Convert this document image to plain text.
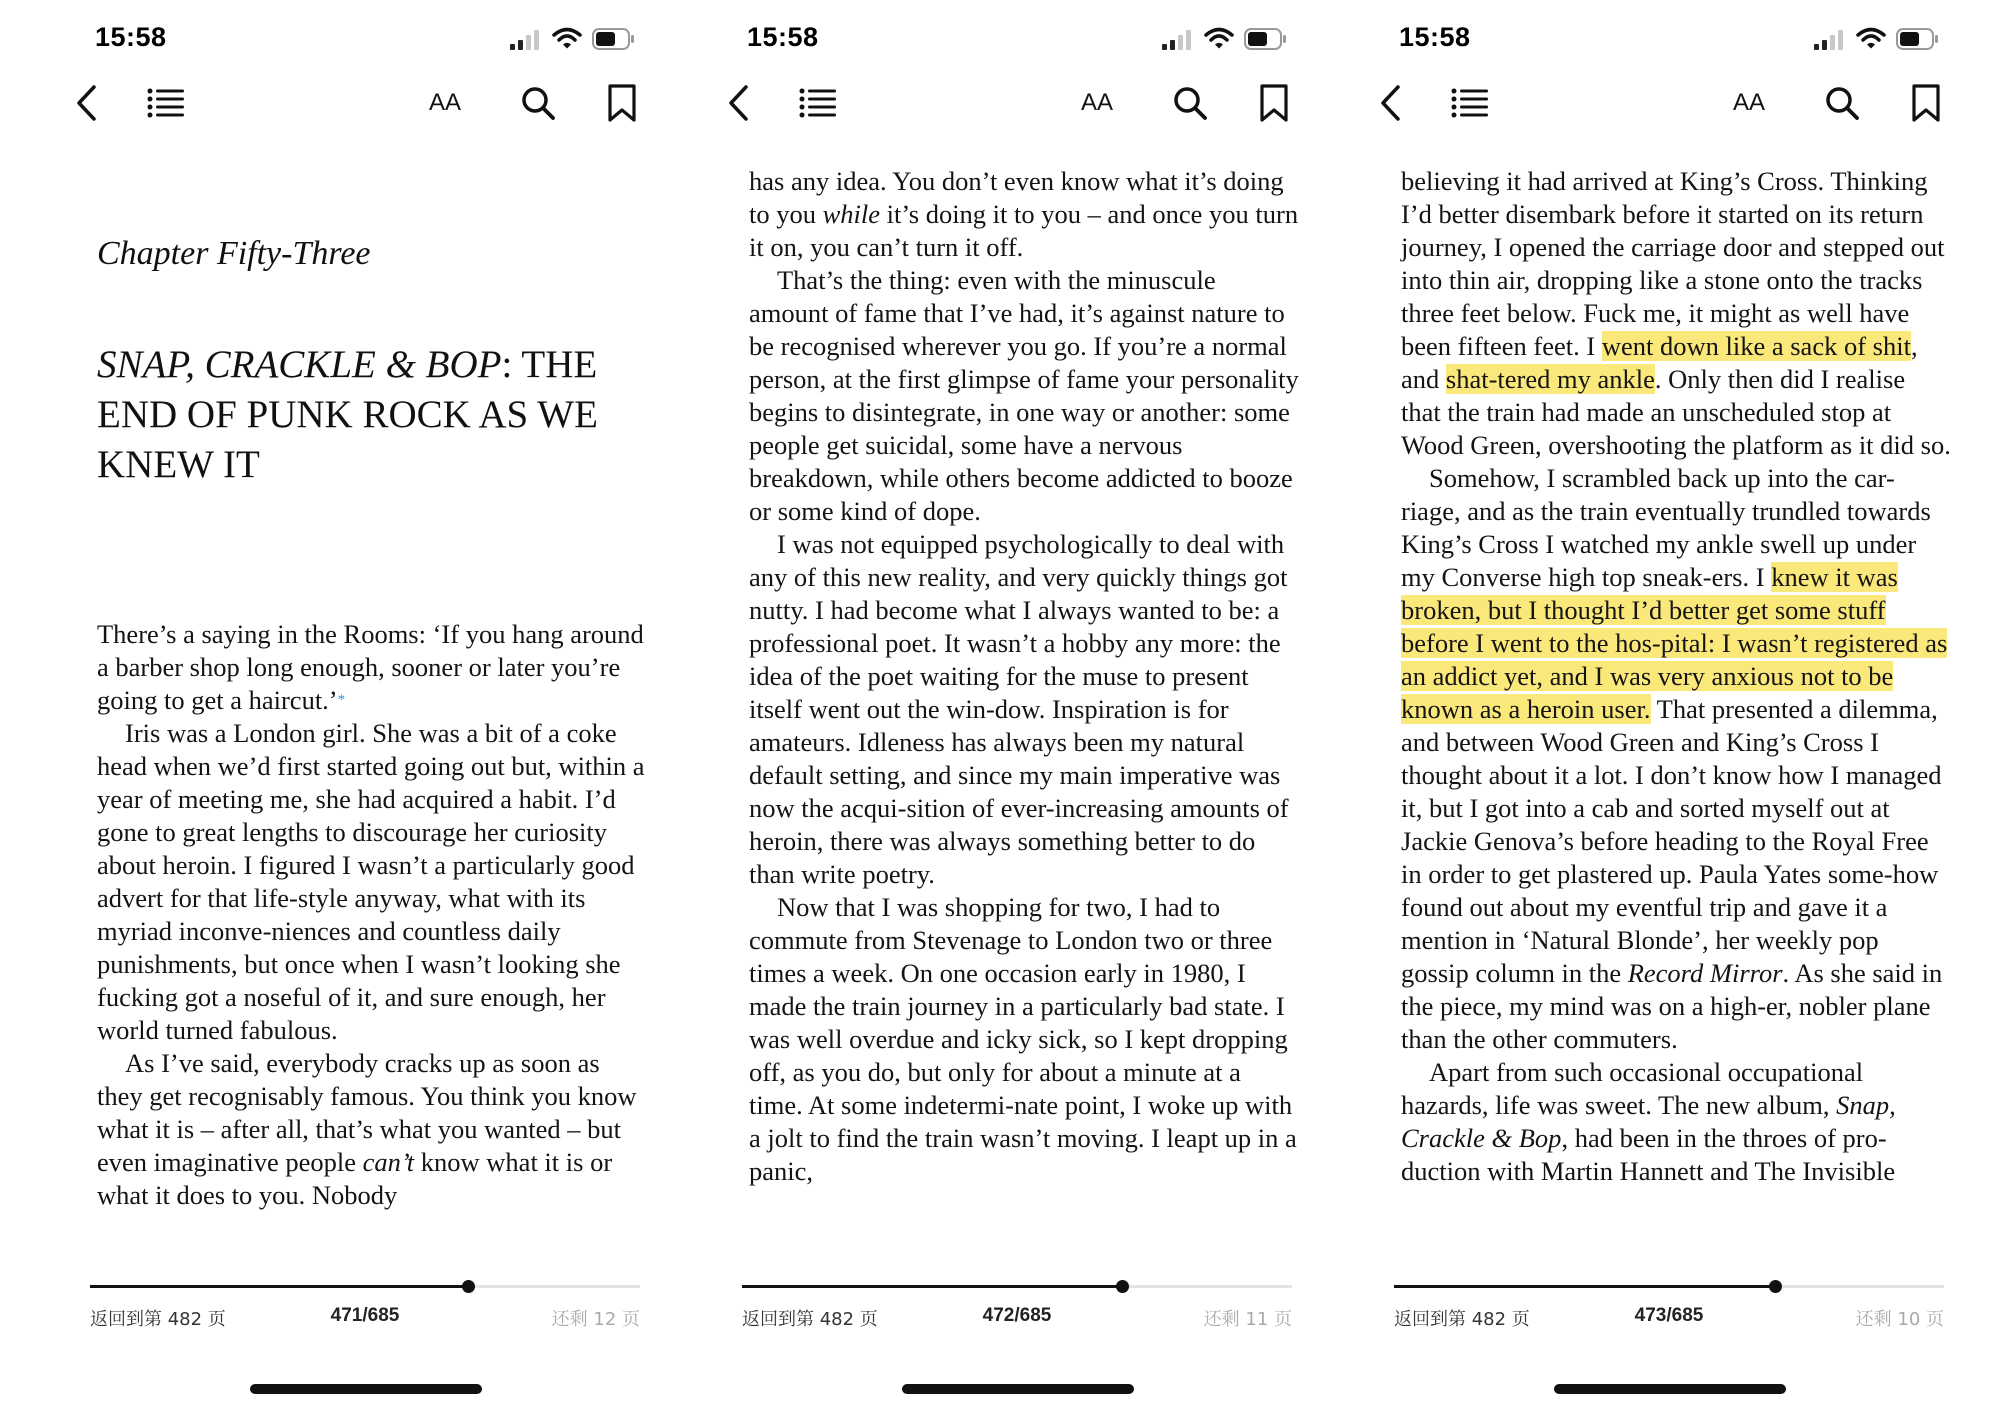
15:58
AA
Chapter Fifty-Three
SNAP, CRACKLE & BOP: THE END OF PUNK ROCK AS WE KNEW IT

There’s a saying in the Rooms: ‘If you hang around a barber shop long enough, sooner or later you’re going to get a haircut.’*

Iris was a London girl. She was a bit of a coke head when we’d first started going out but, within a year of meeting me, she had acquired a habit. I’d gone to great lengths to discourage her curiosity about heroin. I figured I wasn’t a particularly good advert for that life-style anyway, what with its myriad inconve-niences and countless daily punishments, but once when I wasn’t looking she fucking got a noseful of it, and sure enough, her world turned fabulous.

As I’ve said, everybody cracks up as soon as they get recognisably famous. You think you know what it is – after all, that’s what you wanted – but even imaginative people can’t know what it is or what it does to you. Nobody

返回到第 482 页	471/685	还剩 12 页
15:58
AA

has any idea. You don’t even know what it’s doing to you while it’s doing it to you – and once you turn it on, you can’t turn it off.

That’s the thing: even with the minuscule amount of fame that I’ve had, it’s against nature to be recognised wherever you go. If you’re a normal person, at the first glimpse of fame your personality begins to disintegrate, in one way or another: some people get suicidal, some have a nervous breakdown, while others become addicted to booze or some kind of dope.

I was not equipped psychologically to deal with any of this new reality, and very quickly things got nutty. I had become what I always wanted to be: a professional poet. It wasn’t a hobby any more: the idea of the poet waiting for the muse to present itself went out the win-dow. Inspiration is for amateurs. Idleness has always been my natural default setting, and since my main imperative was now the acqui-sition of ever-increasing amounts of heroin, there was always something better to do than write poetry.

Now that I was shopping for two, I had to commute from Stevenage to London two or three times a week. On one occasion early in 1980, I made the train journey in a particularly bad state. I was well overdue and icky sick, so I kept dropping off, as you do, but only for about a minute at a time. At some indetermi-nate point, I woke up with a jolt to find the train wasn’t moving. I leapt up in a panic,

返回到第 482 页	472/685	还剩 11 页
15:58
AA

believing it had arrived at King’s Cross. Thinking I’d better disembark before it started on its return journey, I opened the carriage door and stepped out into thin air, dropping like a stone onto the tracks three feet below. Fuck me, it might as well have been fifteen feet. I went down like a sack of shit, and shat-tered my ankle. Only then did I realise that the train had made an unscheduled stop at Wood Green, overshooting the platform as it did so.

Somehow, I scrambled back up into the car-riage, and as the train eventually trundled towards King’s Cross I watched my ankle swell up under my Converse high top sneak-ers. I knew it was broken, but I thought I’d better get some stuff before I went to the hos-pital: I wasn’t registered as an addict yet, and I was very anxious not to be known as a heroin user. That presented a dilemma, and between Wood Green and King’s Cross I thought about it a lot. I don’t know how I managed it, but I got into a cab and sorted myself out at Jackie Genova’s before heading to the Royal Free in order to get plastered up. Paula Yates some-how found out about my eventful trip and gave it a mention in ‘Natural Blonde’, her weekly pop gossip column in the Record Mirror. As she said in the piece, my mind was on a high-er, nobler plane than the other commuters.

Apart from such occasional occupational hazards, life was sweet. The new album, Snap, Crackle & Bop, had been in the throes of pro-duction with Martin Hannett and The Invisible

返回到第 482 页	473/685	还剩 10 页
